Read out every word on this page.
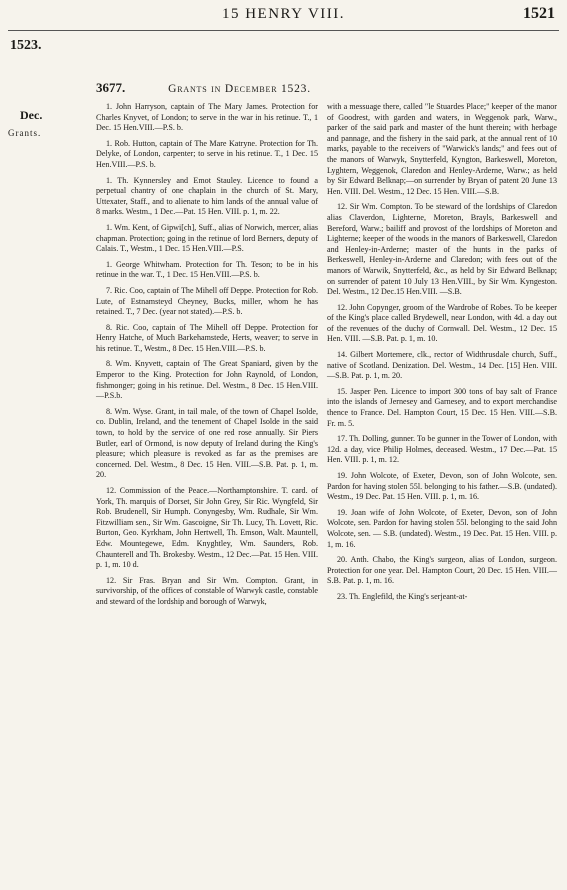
15 HENRY VIII.	1521
1523.
Dec.
Grants.
3677.	Grants in December 1523.

1. John Harryson, captain of The Mary James. Protection for Charles Knyvet, of London; to serve in the war in his retinue. T., 1 Dec. 15 Hen.VIII.—P.S. b.

1. Rob. Hutton, captain of The Mare Katryne. Protection for Th. Delyke, of London, carpenter; to serve in his retinue. T., 1 Dec. 15 Hen.VIII.—P.S. b.

1. Th. Kynnersley and Emot Stauley. Licence to found a perpetual chantry of one chaplain in the church of St. Mary, Uttexater, Staff., and to alienate to him lands of the annual value of 8 marks. Westm., 1 Dec.—Pat. 15 Hen. VIII. p. 1, m. 22.

1. Wm. Kent, of Gipwi[ch], Suff., alias of Norwich, mercer, alias chapman. Protection; going in the retinue of lord Berners, deputy of Calais. T., Westm., 1 Dec. 15 Hen.VIII.—P.S.

1. George Whitwham. Protection for Th. Teson; to be in his retinue in the war. T., 1 Dec. 15 Hen.VIII.—P.S. b.

7. Ric. Coo, captain of The Mihell off Deppe. Protection for Rob. Lute, of Estnamsteyd Cheyney, Bucks, miller, whom he has retained. T., 7 Dec. (year not stated).—P.S. b.

8. Ric. Coo, captain of The Mihell off Deppe. Protection for Henry Hatche, of Much Barkehamstede, Herts, weaver; to serve in his retinue. T., Westm., 8 Dec. 15 Hen.VIII.—P.S. b.

8. Wm. Knyvett, captain of The Great Spaniard, given by the Emperor to the King. Protection for John Raynold, of London, fishmonger; going in his retinue. Del. Westm., 8 Dec. 15 Hen.VIII.—P.S.b.

8. Wm. Wyse. Grant, in tail male, of the town of Chapel Isolde, co. Dublin, Ireland, and the tenement of Chapel Isolde in the said town, to hold by the service of one red rose annually. Sir Piers Butler, earl of Ormond, is now deputy of Ireland during the King's pleasure; which pleasure is revoked as far as the premises are concerned. Del. Westm., 8 Dec. 15 Hen. VIII.—S.B. Pat. p. 1, m. 20.

12. Commission of the Peace.—Northamptonshire. T. card. of York, Th. marquis of Dorset, Sir John Grey, Sir Ric. Wyngfeld, Sir Rob. Brudenell, Sir Humph. Conyngesby, Wm. Rudhale, Sir Wm. Fitzwilliam sen., Sir Wm. Gascoigne, Sir Th. Lucy, Th. Lovett, Ric. Burton, Geo. Kyrkham, John Hertwell, Th. Emson, Walt. Mauntell, Edw. Mountegewe, Edm. Knyghtley, Wm. Saunders, Rob. Chaunterell and Th. Brokesby. Westm., 12 Dec.—Pat. 15 Hen. VIII. p. 1, m. 10 d.

12. Sir Fras. Bryan and Sir Wm. Compton. Grant, in survivorship, of the offices of constable of Warwyk castle, constable and steward of the lordship and borough of Warwyk,

with a messuage there, called "le Stuardes Place;" keeper of the manor of Goodrest, with garden and waters, in Weggenok park, Warw., parker of the said park and master of the hunt therein; with herbage and pannage, and the fishery in the said park, at the annual rent of 10 marks, payable to the receivers of "Warwick's lands;" and fees out of the manors of Warwyk, Snytterfeld, Kyngton, Barkeswell, Moreton, Lyghtern, Weggenok, Claredon and Henley-Arderne, Warw.; as held by Sir Edward Belknap;—on surrender by Bryan of patent 20 June 13 Hen. VIII. Del. Westm., 12 Dec. 15 Hen. VIII.—S.B.

12. Sir Wm. Compton. To be steward of the lordships of Claredon alias Claverdon, Lighterne, Moreton, Brayls, Barkeswell and Bereford, Warw.; bailiff and provost of the lordships of Moreton and Lighterne; keeper of the woods in the manors of Barkeswell, Claredon and Henley-in-Arderne; master of the hunts in the parks of Berkeswell, Henley-in-Arderne and Claredon; with fees out of the manors of Warwik, Snytterfeld, &c., as held by Sir Edward Belknap; on surrender of patent 10 July 13 Hen.VIII., by Sir Wm. Kyngeston. Del. Westm., 12 Dec.15 Hen.VIII. —S.B.

12. John Copynger, groom of the Wardrobe of Robes. To be keeper of the King's place called Brydewell, near London, with 4d. a day out of the revenues of the duchy of Cornwall. Del. Westm., 12 Dec. 15 Hen. VIII. —S.B. Pat. p. 1, m. 10.

14. Gilbert Mortemere, clk., rector of Widthrusdale church, Suff., native of Scotland. Denization. Del. Westm., 14 Dec. [15] Hen. VIII.—S.B. Pat. p. 1, m. 20.

15. Jasper Pen. Licence to import 300 tons of bay salt of France into the islands of Jernesey and Garnesey, and to export merchandise thence to France. Del. Hampton Court, 15 Dec. 15 Hen. VIII.—S.B. Fr. m. 5.

17. Th. Dolling, gunner. To be gunner in the Tower of London, with 12d. a day, vice Philip Holmes, deceased. Westm., 17 Dec.—Pat. 15 Hen. VIII. p. 1, m. 12.

19. John Wolcote, of Exeter, Devon, son of John Wolcote, sen. Pardon for having stolen 55l. belonging to his father.—S.B. (undated). Westm., 19 Dec. Pat. 15 Hen. VIII. p. 1, m. 16.

19. Joan wife of John Wolcote, of Exeter, Devon, son of John Wolcote, sen. Pardon for having stolen 55l. belonging to the said John Wolcote, sen. — S.B. (undated). Westm., 19 Dec. Pat. 15 Hen. VIII. p. 1, m. 16.

20. Anth. Chabo, the King's surgeon, alias of London, surgeon. Protection for one year. Del. Hampton Court, 20 Dec. 15 Hen. VIII.—S.B. Pat. p. 1, m. 16.

23. Th. Englefild, the King's serjeant-at-
